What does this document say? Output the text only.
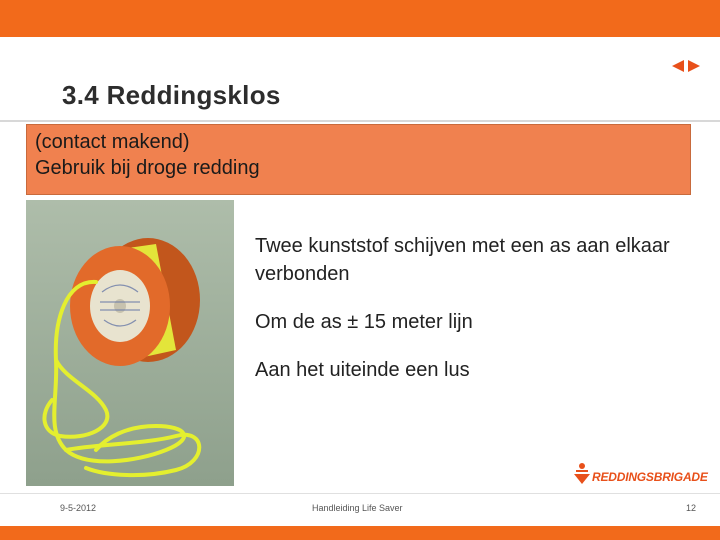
3.4 Reddingsklos
(contact makend)
Gebruik bij droge redding
Twee kunststof schijven met een as aan elkaar verbonden
Om de as ± 15 meter lijn
Aan het uiteinde een lus
REDDINGSBRIGADE
9-5-2012	Handleiding Life Saver	12
